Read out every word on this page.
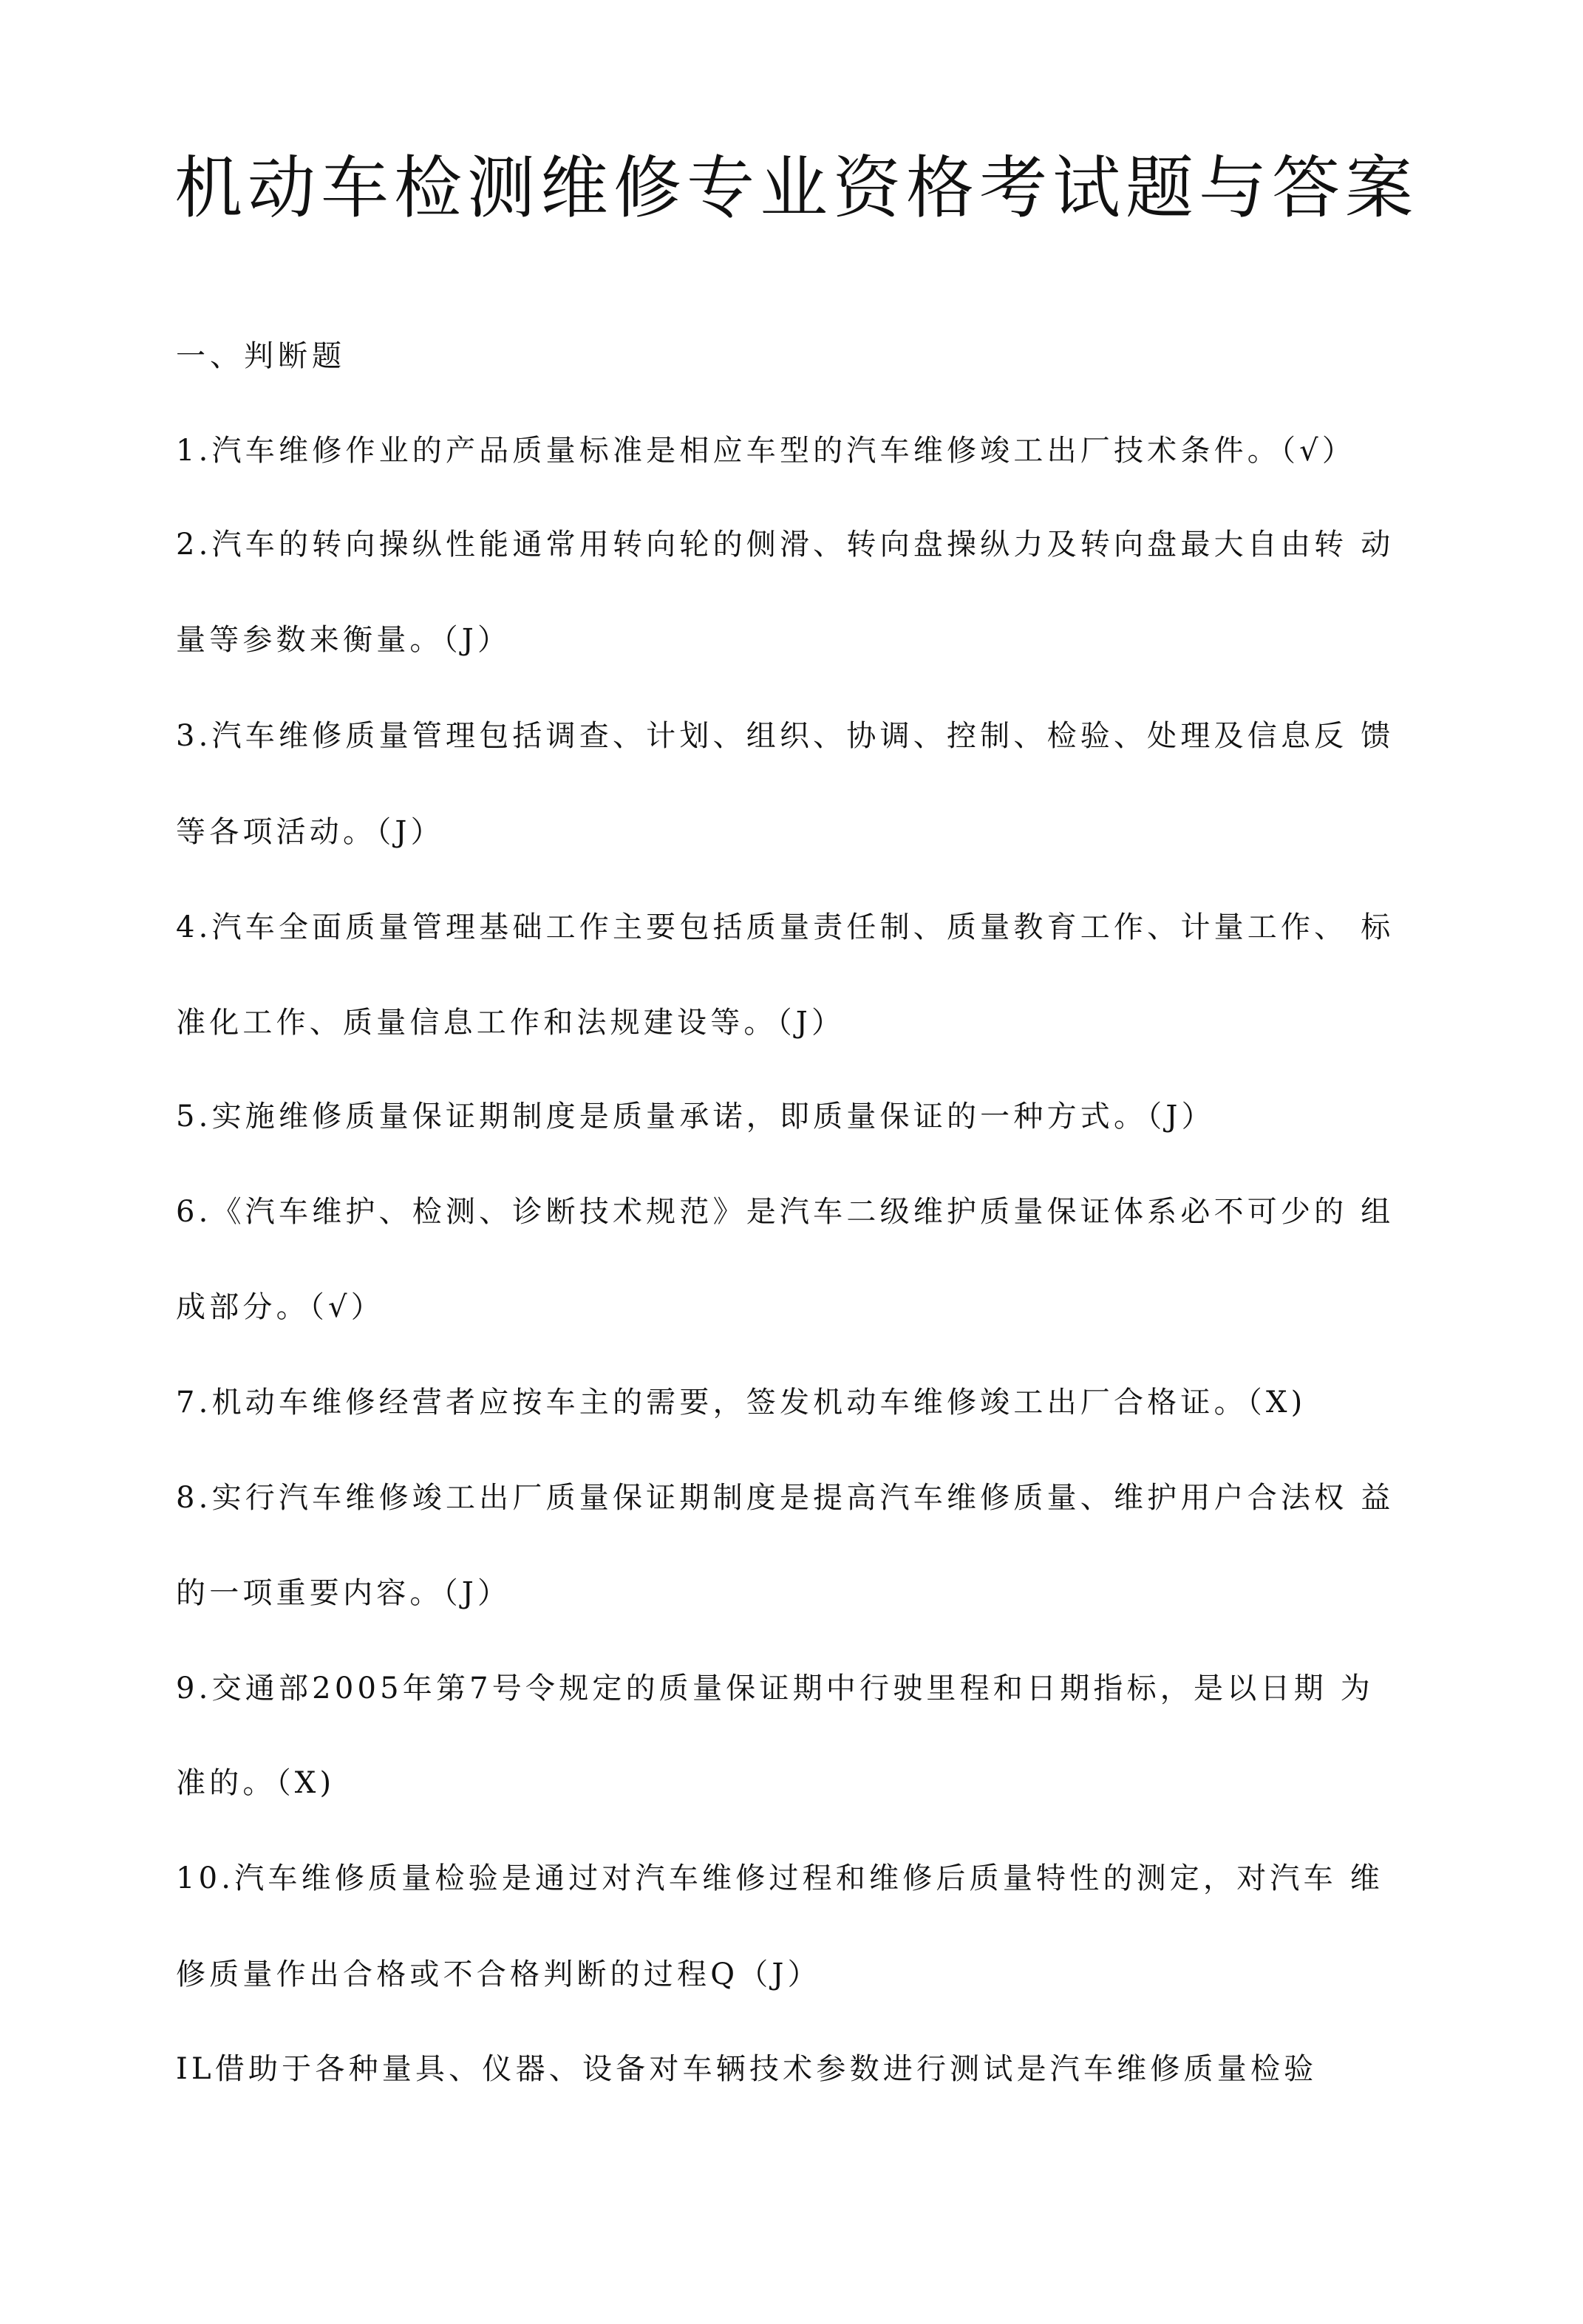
机动车检测维修专业资格考试题与答案
一、判断题
1.汽车维修作业的产品质量标准是相应车型的汽车维修竣工出厂技术条件。（√）
2.汽车的转向操纵性能通常用转向轮的侧滑、转向盘操纵力及转向盘最大自由转 动
量等参数来衡量。（J）
3.汽车维修质量管理包括调查、计划、组织、协调、控制、检验、处理及信息反 馈
等各项活动。（J）
4.汽车全面质量管理基础工作主要包括质量责任制、质量教育工作、计量工作、 标
准化工作、质量信息工作和法规建设等。（J）
5.实施维修质量保证期制度是质量承诺，即质量保证的一种方式。（J）
6.《汽车维护、检测、诊断技术规范》是汽车二级维护质量保证体系必不可少的 组
成部分。（√）
7.机动车维修经营者应按车主的需要，签发机动车维修竣工出厂合格证。（X)
8.实行汽车维修竣工出厂质量保证期制度是提高汽车维修质量、维护用户合法权 益
的一项重要内容。（J）
9.交通部2005年第7号令规定的质量保证期中行驶里程和日期指标，是以日期 为
准的。（X)
10.汽车维修质量检验是通过对汽车维修过程和维修后质量特性的测定，对汽车 维
修质量作出合格或不合格判断的过程Q（J）
IL借助于各种量具、仪器、设备对车辆技术参数进行测试是汽车维修质量检验
